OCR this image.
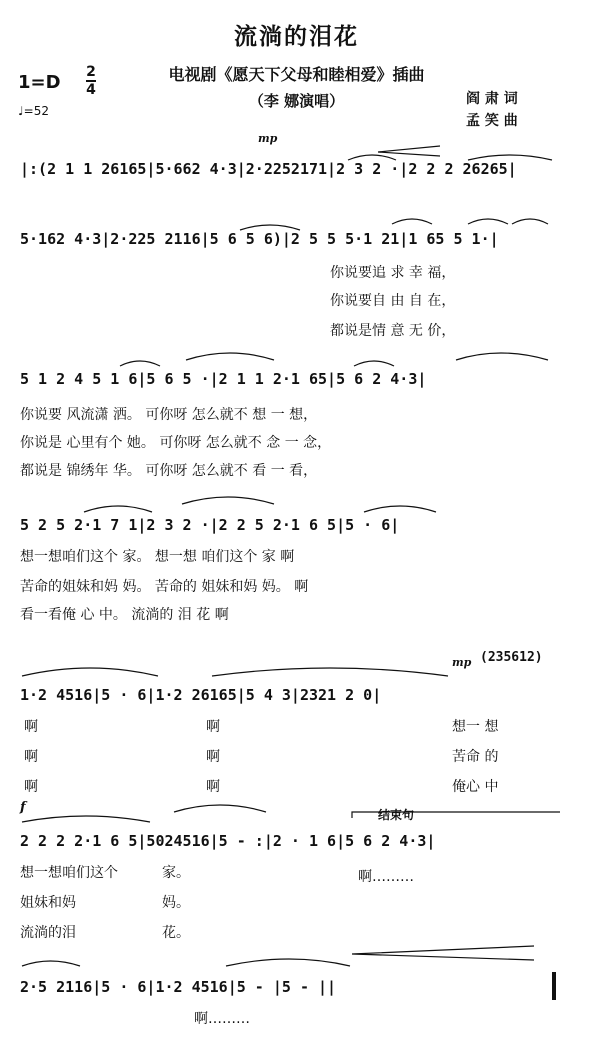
流淌的泪花
电视剧《愿天下父母和睦相爱》插曲
（李 娜演唱）
1=D 2
4
♩=52
阎 肃 词
孟 笑 曲
mp
mp
f	结束句
(235612)
|:(2 1 1 26165|5·662 4·3|2·2252171|2 3 2 ·|2 2 2 26265|
5·162 4·3|2·225 2116|5 6 5 6)|2 5 5 5·1 21|1 65 5 1·|
5 1 2 4 5 1 6|5 6 5 ·|2 1 1 2·1 65|5 6 2 4·3|
5 2 5 2·1 7 1|2 3 2 ·|2 2 5 2·1 6 5|5 · 6|
1·2 4516|5 · 6|1·2 26165|5 4 3|2321 2 0|
2 2 2 2·1 6 5|5024516|5 - :|2 · 1 6|5 6 2 4·3|
2·5 2116|5 · 6|1·2 4516|5 - |5 - ||
你说要追 求 幸 福，
你说要自 由 自 在，
都说是情 意 无 价，
你说要 风流潇 洒。 可你呀 怎么就不 想 一 想，
你说是 心里有个 她。 可你呀 怎么就不 念 一 念，
都说是 锦绣年 华。 可你呀 怎么就不 看 一 看，
想一想咱们这个 家。 想一想 咱们这个 家 啊
苦命的姐妹和妈 妈。 苦命的 姐妹和妈 妈。 啊
看一看俺 心 中。 流淌的 泪 花 啊
啊	啊	想一 想
啊	啊	苦命 的
啊	啊	俺心 中
想一想咱们这个	家。	啊………
姐妹和妈	妈。
流淌的泪	花。
啊………
